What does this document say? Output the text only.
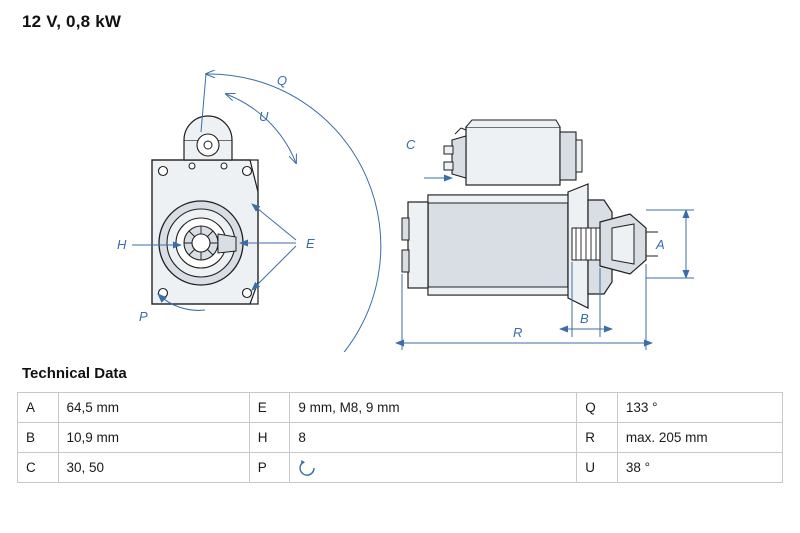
12 V, 0,8 kW
Q
U
P
H	E
C
A
B
R
Technical Data
A	64,5 mm	E	9 mm, M8, 9 mm	Q	133 °
B	10,9 mm	H	8	R	max. 205 mm
C	30, 50	P		U	38 °
